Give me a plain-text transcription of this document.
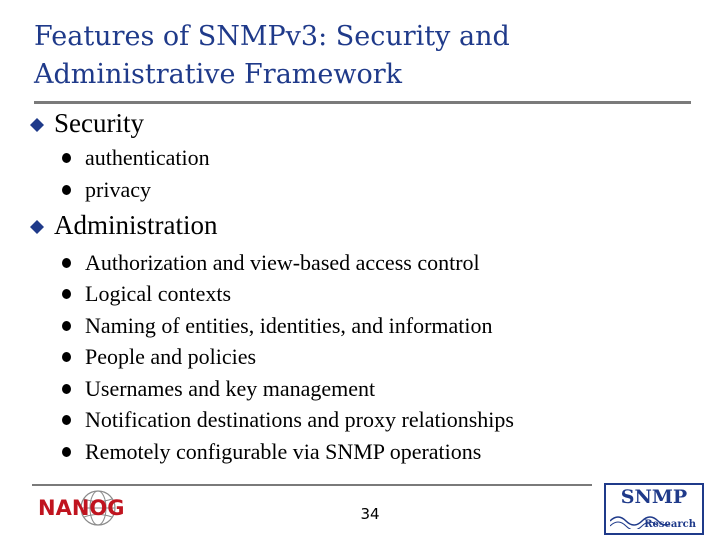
Features of SNMPv3: Security and Administrative Framework
Security
authentication
privacy
Administration
Authorization and view-based access control
Logical contexts
Naming of entities, identities, and information
People and policies
Usernames and key management
Notification destinations and proxy relationships
Remotely configurable via SNMP operations
NANOG	34
SNMP
Research
